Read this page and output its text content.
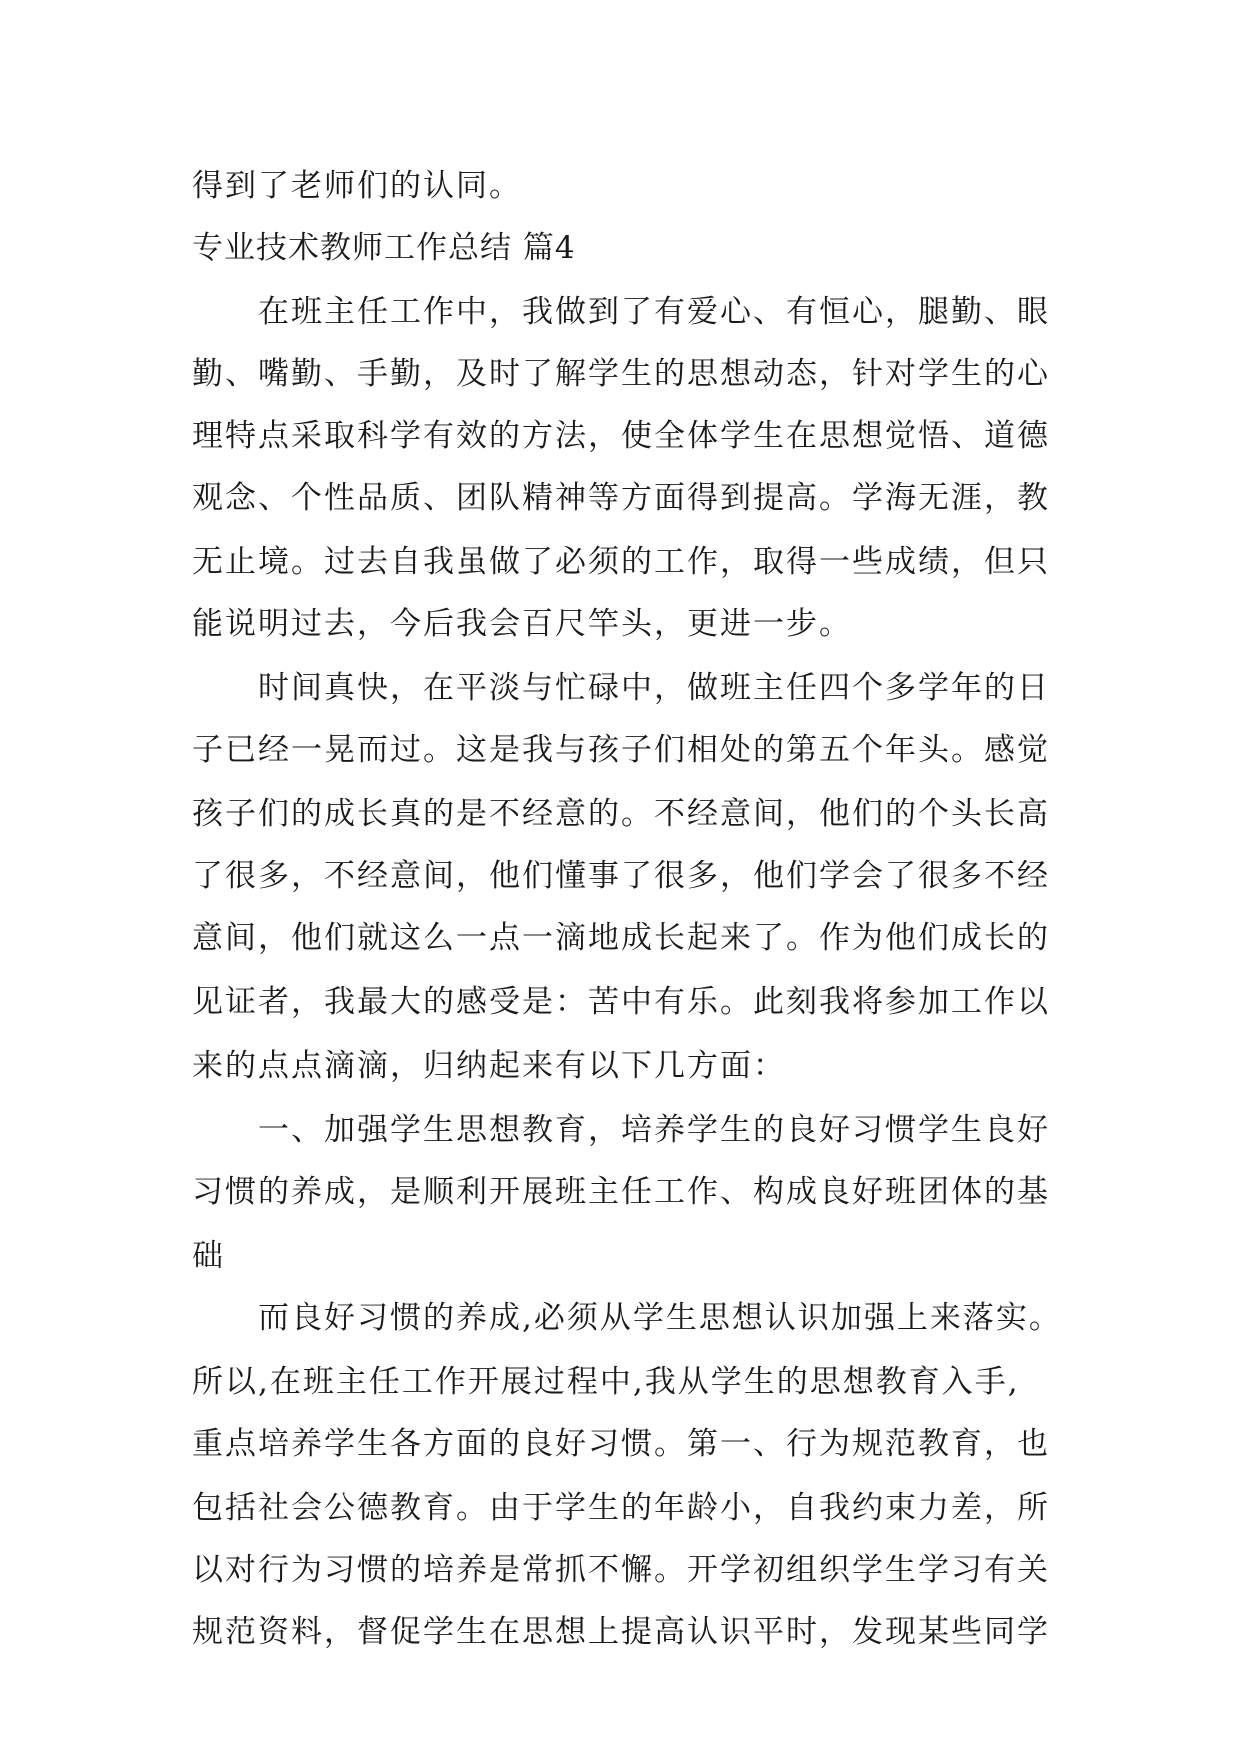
得到了老师们的认同。
专业技术教师工作总结 篇4
　　在班主任工作中，我做到了有爱心、有恒心，腿勤、眼
勤、嘴勤、手勤，及时了解学生的思想动态，针对学生的心
理特点采取科学有效的方法，使全体学生在思想觉悟、道德
观念、个性品质、团队精神等方面得到提高。学海无涯，教
无止境。过去自我虽做了必须的工作，取得一些成绩，但只
能说明过去，今后我会百尺竿头，更进一步。
　　时间真快，在平淡与忙碌中，做班主任四个多学年的日
子已经一晃而过。这是我与孩子们相处的第五个年头。感觉
孩子们的成长真的是不经意的。不经意间，他们的个头长高
了很多，不经意间，他们懂事了很多，他们学会了很多不经
意间，他们就这么一点一滴地成长起来了。作为他们成长的
见证者，我最大的感受是：苦中有乐。此刻我将参加工作以
来的点点滴滴，归纳起来有以下几方面：
　　一、加强学生思想教育，培养学生的良好习惯学生良好
习惯的养成，是顺利开展班主任工作、构成良好班团体的基
础
　　而良好习惯的养成,必须从学生思想认识加强上来落实。
所以,在班主任工作开展过程中,我从学生的思想教育入手,
重点培养学生各方面的良好习惯。第一、行为规范教育，也
包括社会公德教育。由于学生的年龄小，自我约束力差，所
以对行为习惯的培养是常抓不懈。开学初组织学生学习有关
规范资料，督促学生在思想上提高认识平时，发现某些同学
